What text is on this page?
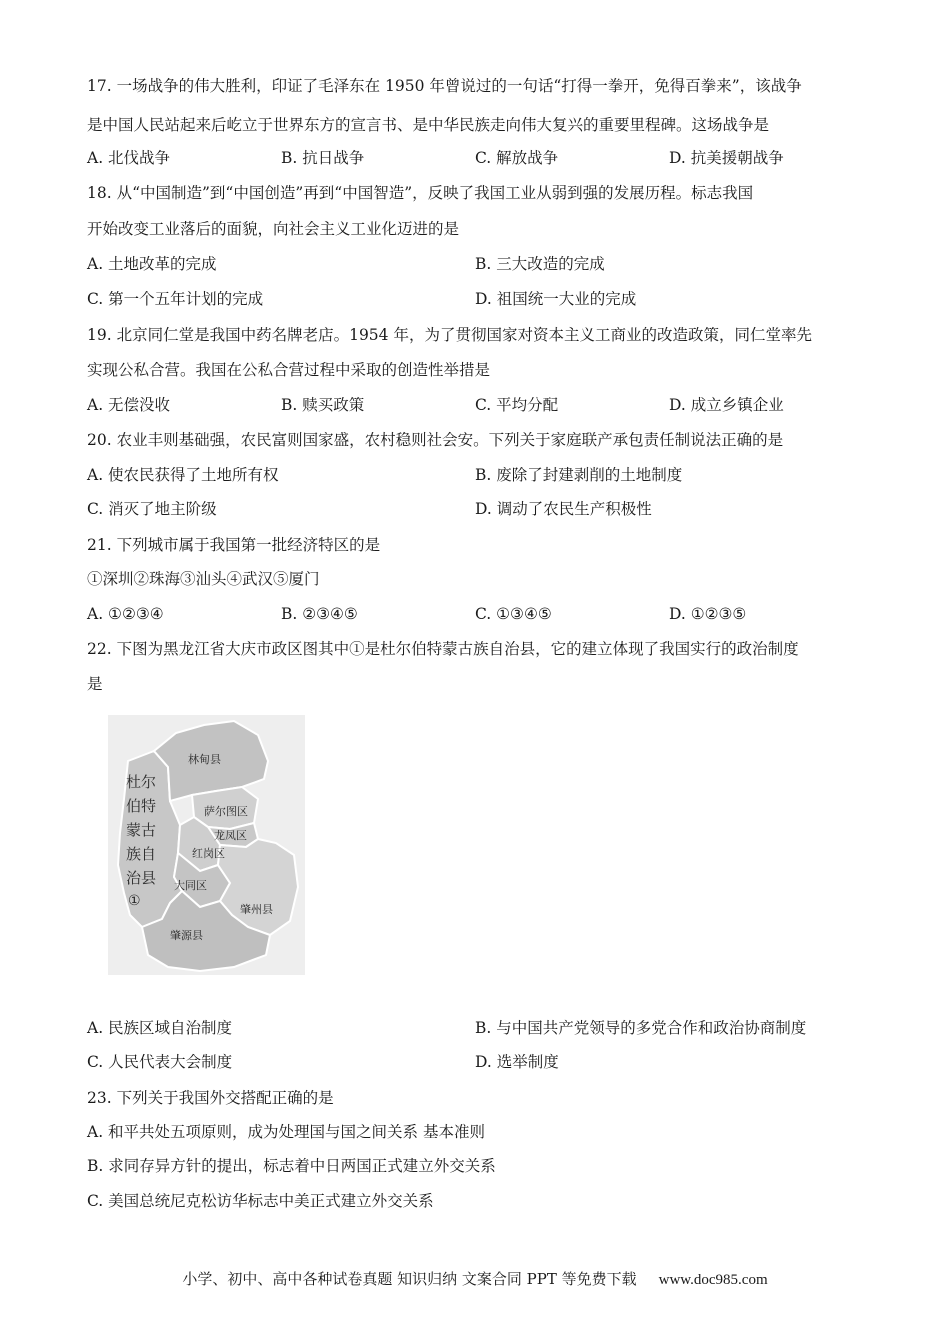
17. 一场战争的伟大胜利，印证了毛泽东在 1950 年曾说过的一句话“打得一拳开，免得百拳来”，该战争
是中国人民站起来后屹立于世界东方的宣言书、是中华民族走向伟大复兴的重要里程碑。这场战争是
A. 北伐战争	B. 抗日战争	C. 解放战争	D. 抗美援朝战争
18. 从“中国制造”到“中国创造”再到“中国智造”，反映了我国工业从弱到强的发展历程。标志我国
开始改变工业落后的面貌，向社会主义工业化迈进的是
A. 土地改革的完成	B. 三大改造的完成
C. 第一个五年计划的完成	D. 祖国统一大业的完成
19. 北京同仁堂是我国中药名牌老店。1954 年，为了贯彻国家对资本主义工商业的改造政策，同仁堂率先
实现公私合营。我国在公私合营过程中采取的创造性举措是
A. 无偿没收	B. 赎买政策	C. 平均分配	D. 成立乡镇企业
20. 农业丰则基础强，农民富则国家盛，农村稳则社会安。下列关于家庭联产承包责任制说法正确的是
A. 使农民获得了土地所有权	B. 废除了封建剥削的土地制度
C. 消灭了地主阶级	D. 调动了农民生产积极性
21. 下列城市属于我国第一批经济特区的是
①深圳②珠海③汕头④武汉⑤厦门
A. ①②③④	B. ②③④⑤	C. ①③④⑤	D. ①②③⑤
22. 下图为黑龙江省大庆市政区图其中①是杜尔伯特蒙古族自治县，它的建立体现了我国实行的政治制度
是
林甸县
杜尔
伯特
蒙古
族自
治县
①
萨尔图区
龙凤区
红岗区
大同区
肇州县
肇源县
A. 民族区域自治制度	B. 与中国共产党领导的多党合作和政治协商制度
C. 人民代表大会制度	D. 选举制度
23. 下列关于我国外交搭配正确的是
A. 和平共处五项原则，成为处理国与国之间关系 基本准则
B. 求同存异方针的提出，标志着中日两国正式建立外交关系
C. 美国总统尼克松访华标志中美正式建立外交关系
小学、初中、高中各种试卷真题 知识归纳 文案合同 PPT 等免费下载 www.doc985.com
